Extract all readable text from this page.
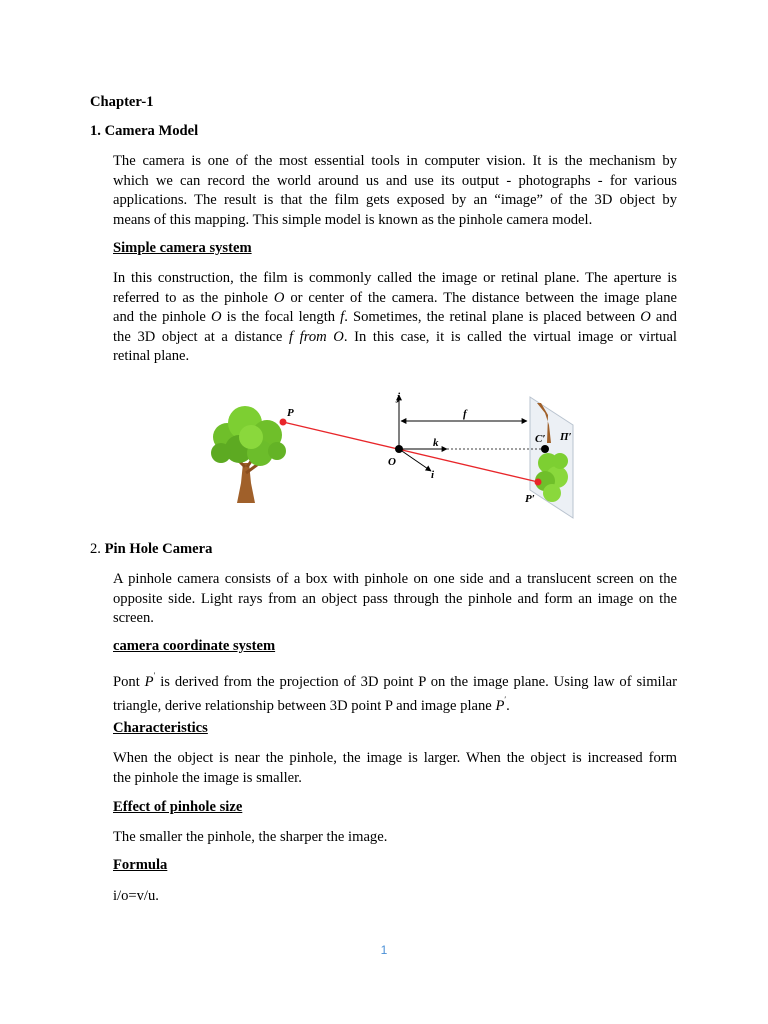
Chapter-1

1. Camera Model

The camera is one of the most essential tools in computer vision. It is the mechanism by
which we can record the world around us and use its output - photographs - for various
applications. The result is that the film gets exposed by an “image” of the 3D object by
means of this mapping. This simple model is known as the pinhole camera model.

Simple camera system

In this construction, the film is commonly called the image or retinal plane. The aperture is
referred to as the pinhole O or center of the camera. The distance between the image plane
and the pinhole O is the focal length f. Sometimes, the retinal plane is placed between O and
the 3D object at a distance f from O. In this case, it is called the virtual image or virtual
retinal plane.
P
j
f
k
O
i
C′ Π′
P′

2. Pin Hole Camera

A pinhole camera consists of a box with pinhole on one side and a translucent screen on the
opposite side. Light rays from an object pass through the pinhole and form an image on the
screen.

camera coordinate system

Pont P′ is derived from the projection of 3D point P on the image plane. Using law of similar
triangle, derive relationship between 3D point P and image plane P′.

Characteristics

When the object is near the pinhole, the image is larger. When the object is increased form
the pinhole the image is smaller.

Effect of pinhole size

The smaller the pinhole, the sharper the image.

Formula

i/o=v/u.

1
